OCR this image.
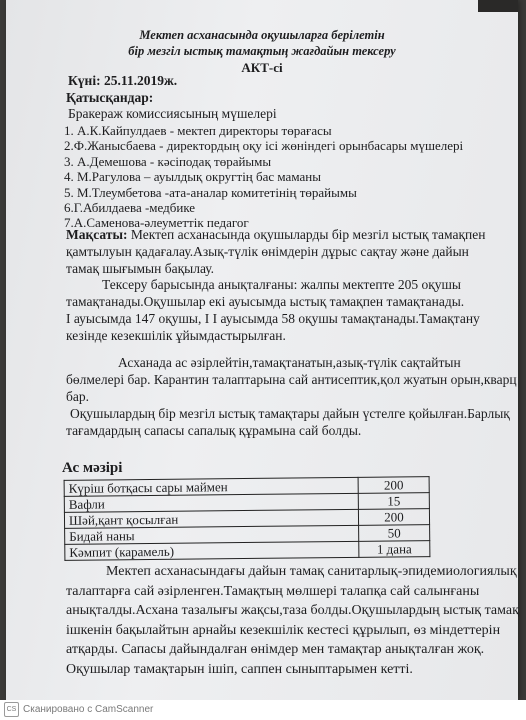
Мектеп асханасында оқушыларға берілетін
бір мезгіл ыстық тамақтың жағдайын тексеру
АКТ-сі
Күні: 25.11.2019ж.
Қатысқандар:
Бракераж комиссиясының мүшелері
1. А.К.Кайпулдаев - мектеп директоры төрағасы
2.Ф.Жанысбаева - директордың оқу ісі жөніндегі орынбасары мүшелері
3. А.Демешова - кәсіподақ төрайымы
4. М.Рагулова – ауылдық округтің бас маманы
5. М.Тлеумбетова -ата-аналар комитетінің төрайымы
6.Г.Абилдаева -медбике
7.А.Саменова-әлеуметтік педагог
Мақсаты: Мектеп асханасында оқушыларды бір мезгіл ыстық тамақпен
қамтылуын қадағалау.Азық-түлік өнімдерін дұрыс сақтау және дайын
тамақ шығымын бақылау.
Тексеру барысында анықталғаны: жалпы мектепте 205 оқушы
тамақтанады.Оқушылар екі ауысымда ыстық тамақпен тамақтанады.
I ауысымда 147 оқушы, I I ауысымда 58 оқушы тамақтанады.Тамақтану
кезінде кезекшілік ұйымдастырылған.
Асханада ас әзірлейтін,тамақтанатын,азық-түлік сақтайтын
бөлмелері бар. Карантин талаптарына сай антисептик,қол жуатын орын,кварц
бар.
Оқушылардың бір мезгіл ыстық тамақтары дайын үстелге қойылған.Барлық
тағамдардың сапасы сапалық құрамына сай болды.
Ас мәзірі
Күріш ботқасы сары маймен	200
Вафли	15
Шәй,қант қосылған	200
Бидай наны	50
Кәмпит (карамель)	1 дана
Мектеп асханасындағы дайын тамақ санитарлық-эпидемиологиялық
талаптарға сай әзірленген.Тамақтың мөлшері талапқа сай салынғаны
анықталды.Асхана тазалығы жақсы,таза болды.Оқушылардың ыстық тамақ
ішкенін бақылайтын арнайы кезекшілік кестесі құрылып, өз міндеттерін
атқарды. Сапасы дайындалған өнімдер мен тамақтар анықталған жоқ.
Оқушылар тамақтарын ішіп, саппен сыныптарымен кетті.
CS Сканировано с CamScanner
